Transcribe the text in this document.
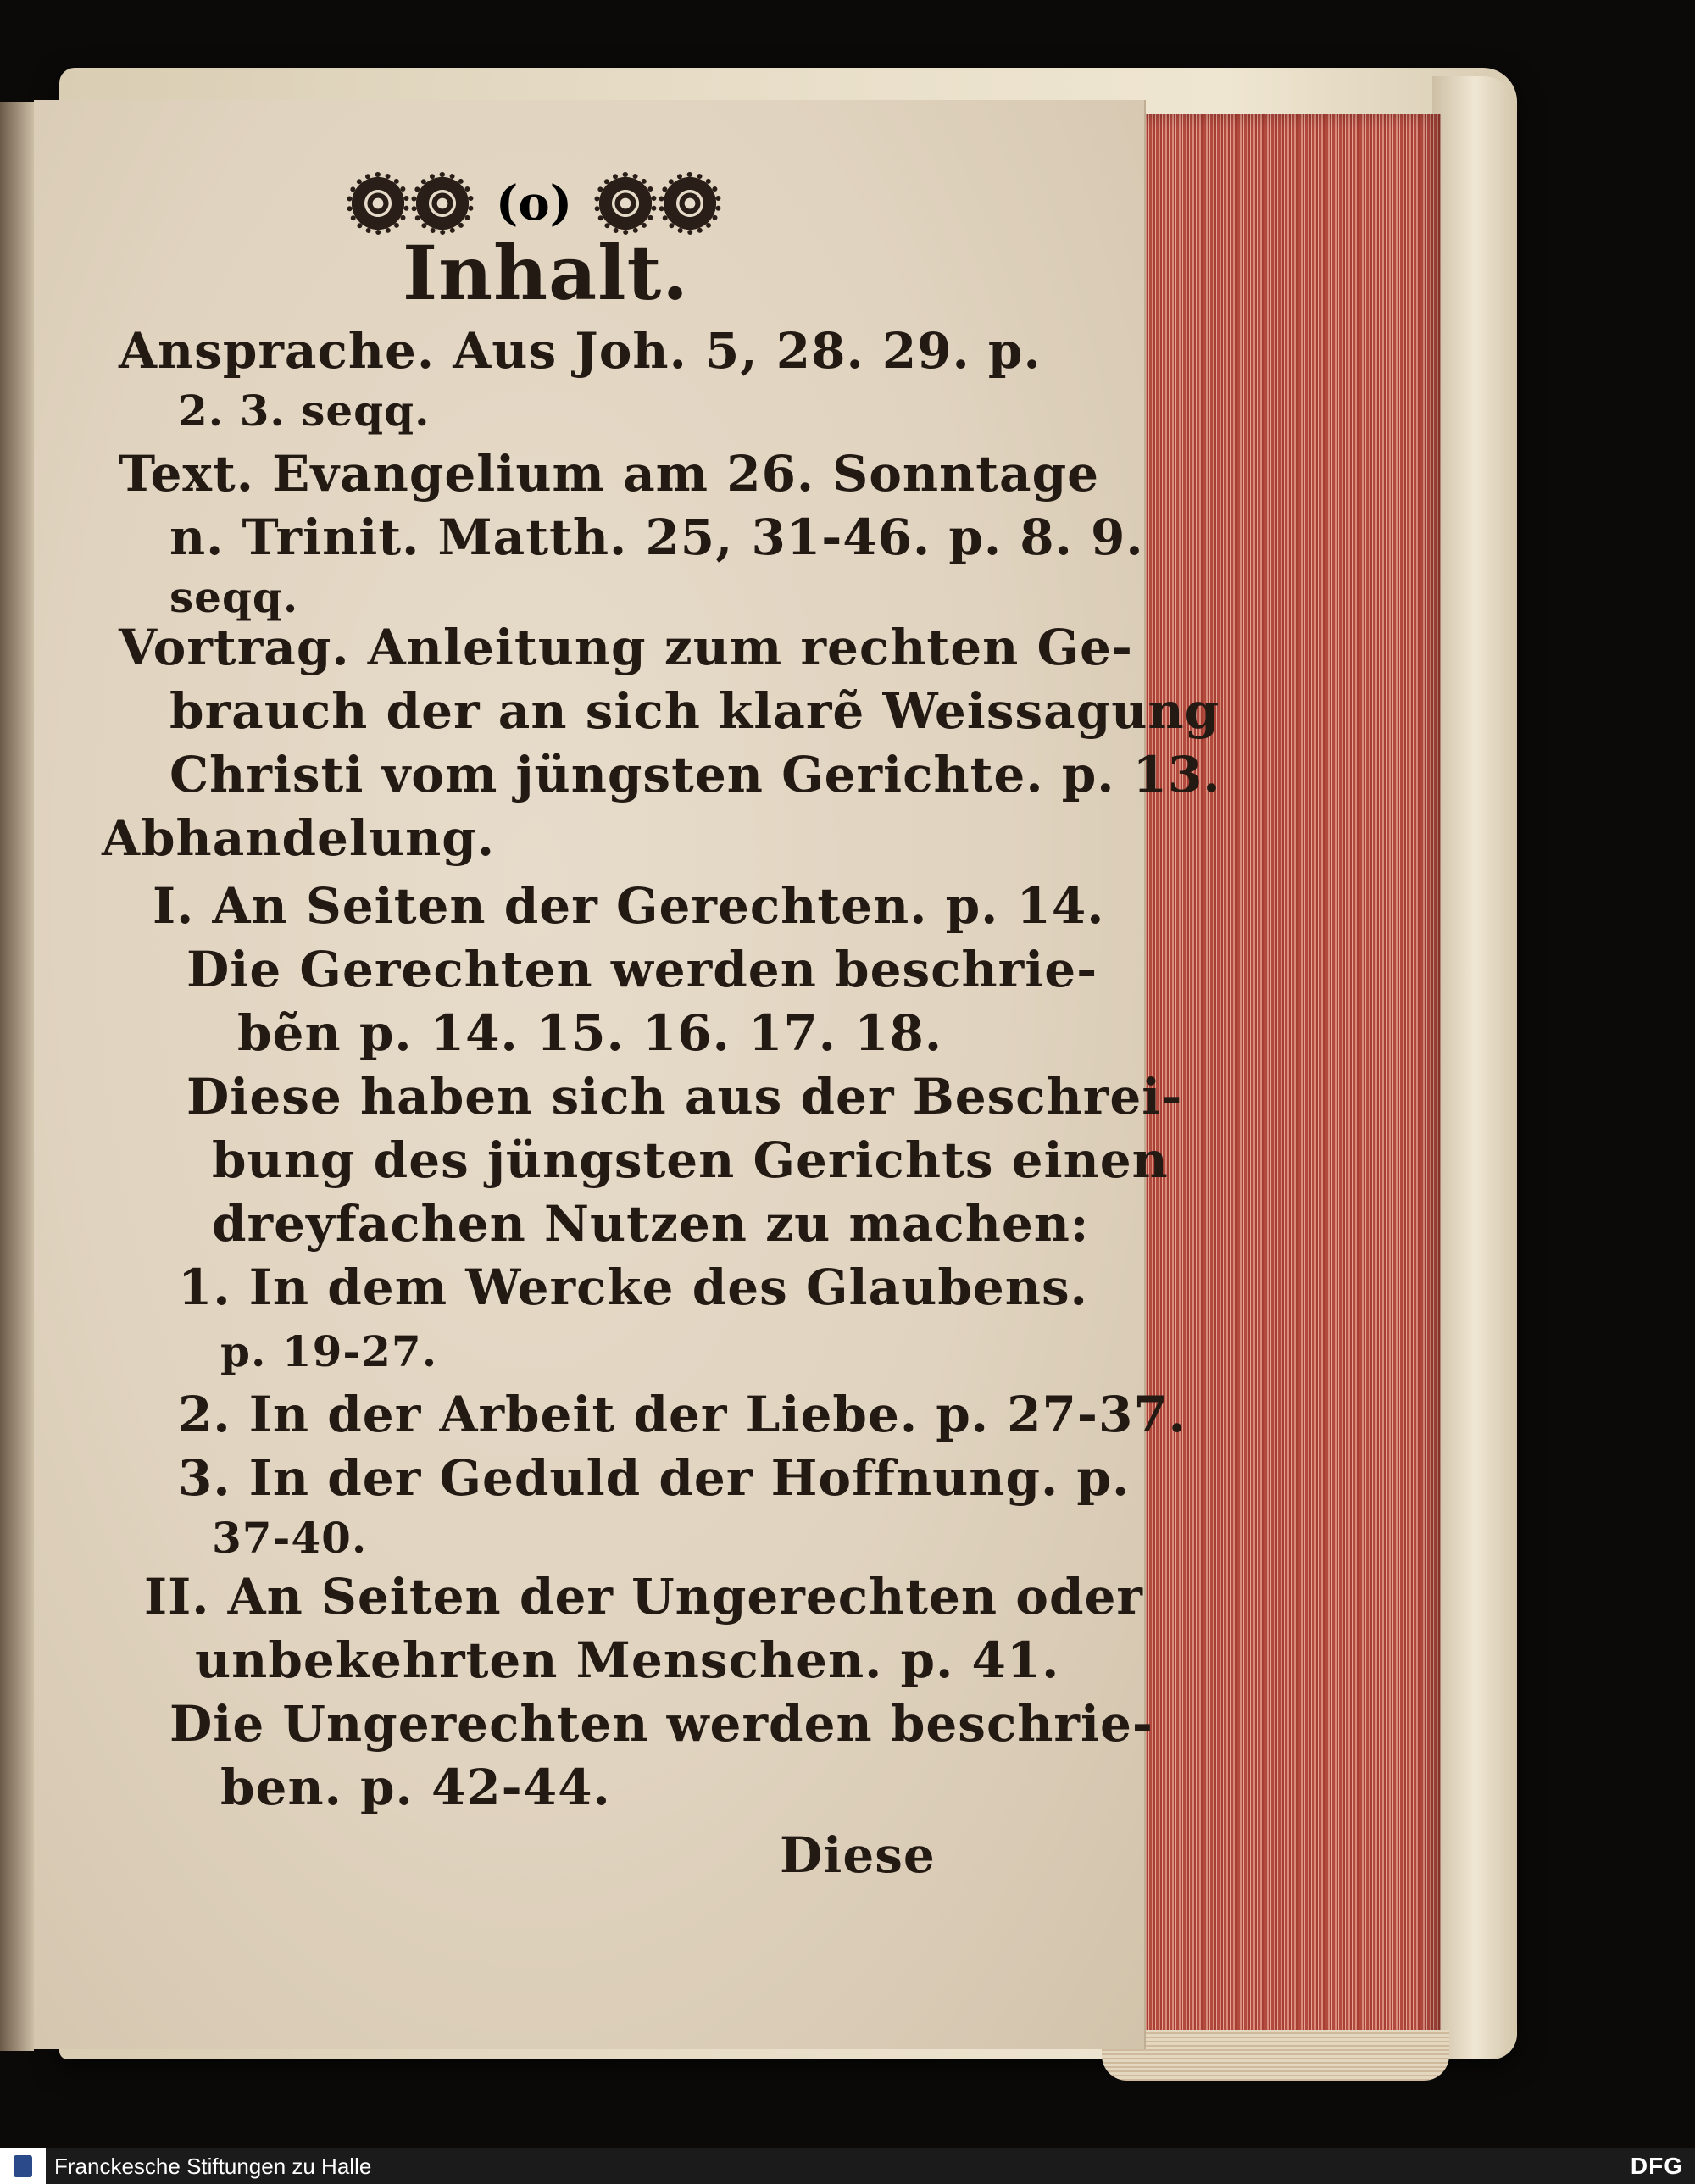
(o)
Inhalt.
Ansprache. Aus Joh. 5, 28. 29. p.
2. 3. seqq.
Text. Evangelium am 26. Sonntage
n. Trinit. Matth. 25, 31-46. p. 8. 9.
seqq.
Vortrag. Anleitung zum rechten Ge-
brauch der an sich klarẽ Weissagung
Christi vom jüngsten Gerichte. p. 13.
Abhandelung.
I. An Seiten der Gerechten. p. 14.
Die Gerechten werden beschrie-
bẽn p. 14. 15. 16. 17. 18.
Diese haben sich aus der Beschrei-
bung des jüngsten Gerichts einen
dreyfachen Nutzen zu machen:
1. In dem Wercke des Glaubens.
p. 19-27.
2. In der Arbeit der Liebe. p. 27-37.
3. In der Geduld der Hoffnung. p.
37-40.
II. An Seiten der Ungerechten oder
unbekehrten Menschen. p. 41.
Die Ungerechten werden beschrie-
ben. p. 42-44.
Diese
Franckesche Stiftungen zu Halle	DFG
